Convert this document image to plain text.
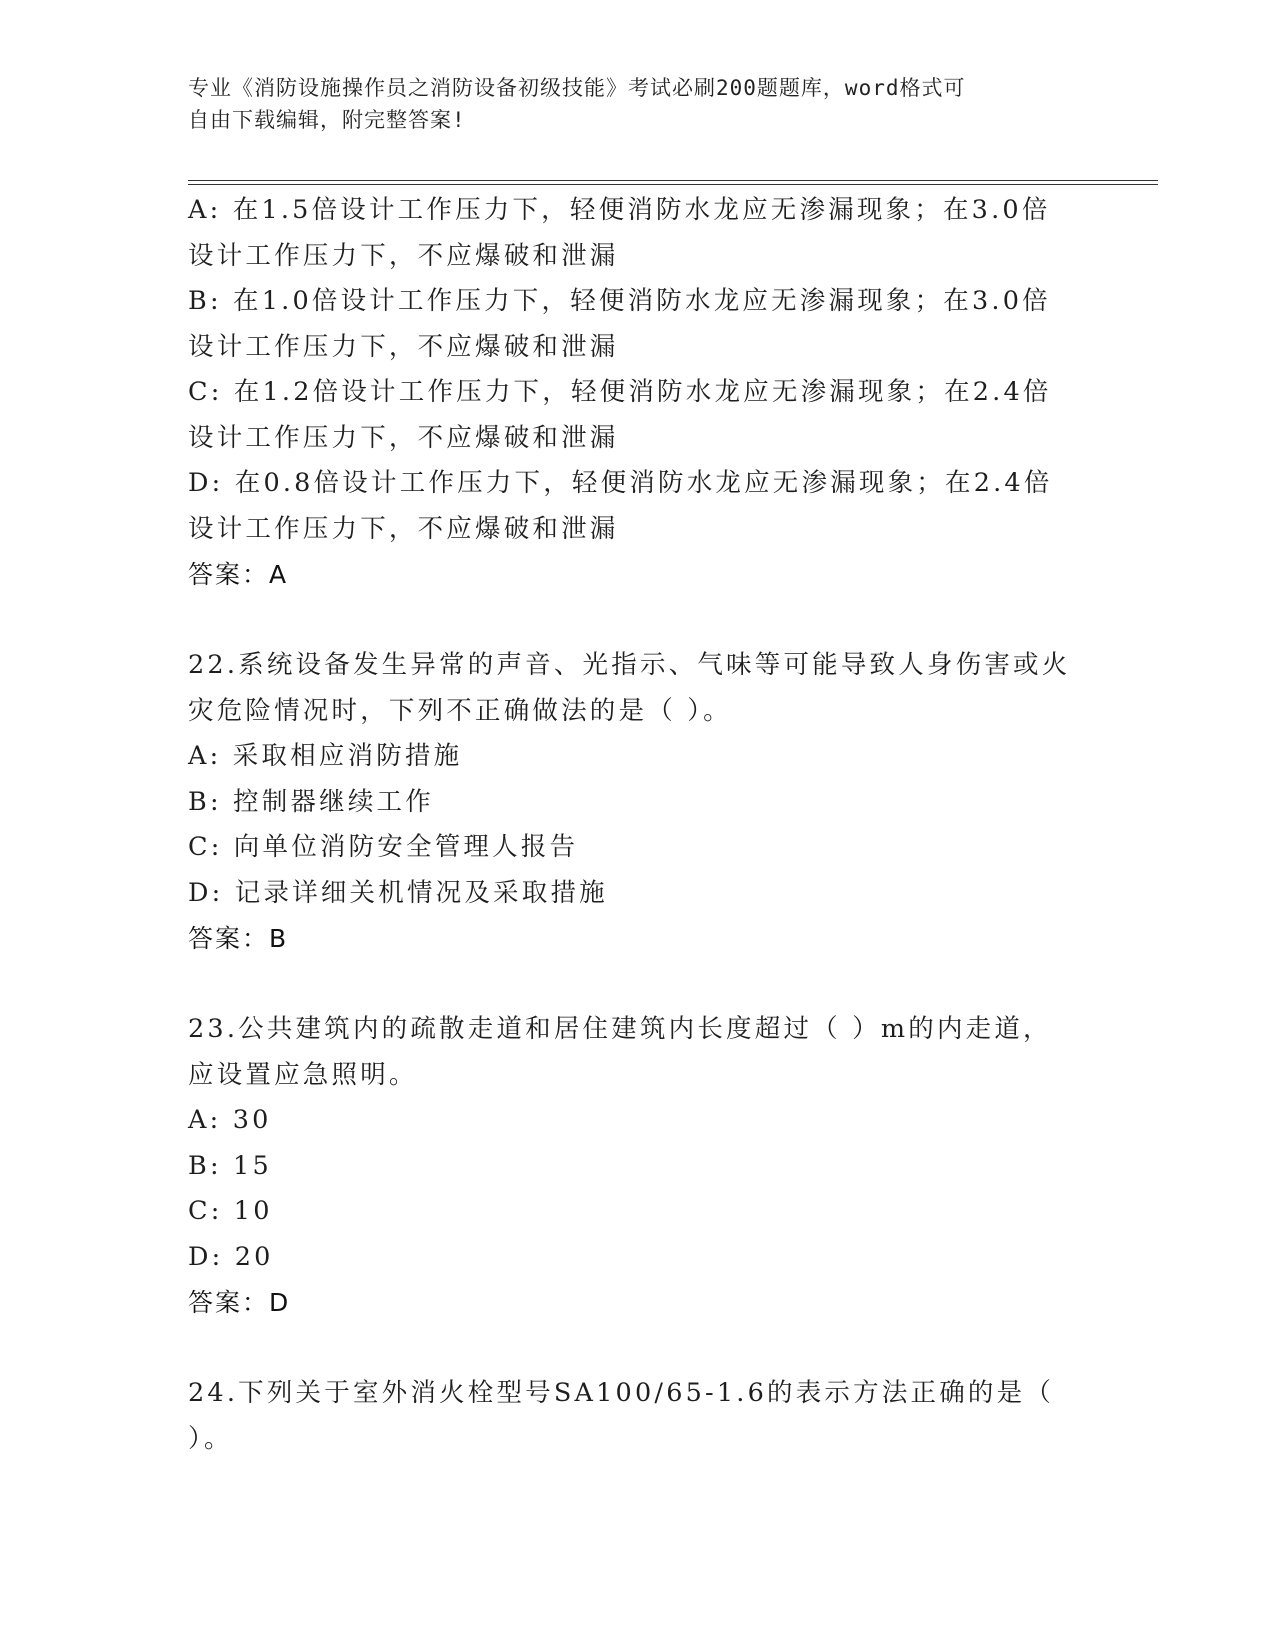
专业《消防设施操作员之消防设备初级技能》考试必刷200题题库，word格式可
自由下载编辑，附完整答案!
A: 在1.5倍设计工作压力下，轻便消防水龙应无渗漏现象；在3.0倍
设计工作压力下，不应爆破和泄漏
B: 在1.0倍设计工作压力下，轻便消防水龙应无渗漏现象；在3.0倍
设计工作压力下，不应爆破和泄漏
C: 在1.2倍设计工作压力下，轻便消防水龙应无渗漏现象；在2.4倍
设计工作压力下，不应爆破和泄漏
D: 在0.8倍设计工作压力下，轻便消防水龙应无渗漏现象；在2.4倍
设计工作压力下，不应爆破和泄漏
答案：A
22.系统设备发生异常的声音、光指示、气味等可能导致人身伤害或火
灾危险情况时，下列不正确做法的是（ ）。
A: 采取相应消防措施
B: 控制器继续工作
C: 向单位消防安全管理人报告
D: 记录详细关机情况及采取措施
答案：B
23.公共建筑内的疏散走道和居住建筑内长度超过（ ）m的内走道，
应设置应急照明。
A: 30
B: 15
C: 10
D: 20
答案：D
24.下列关于室外消火栓型号SA100/65-1.6的表示方法正确的是（
）。
